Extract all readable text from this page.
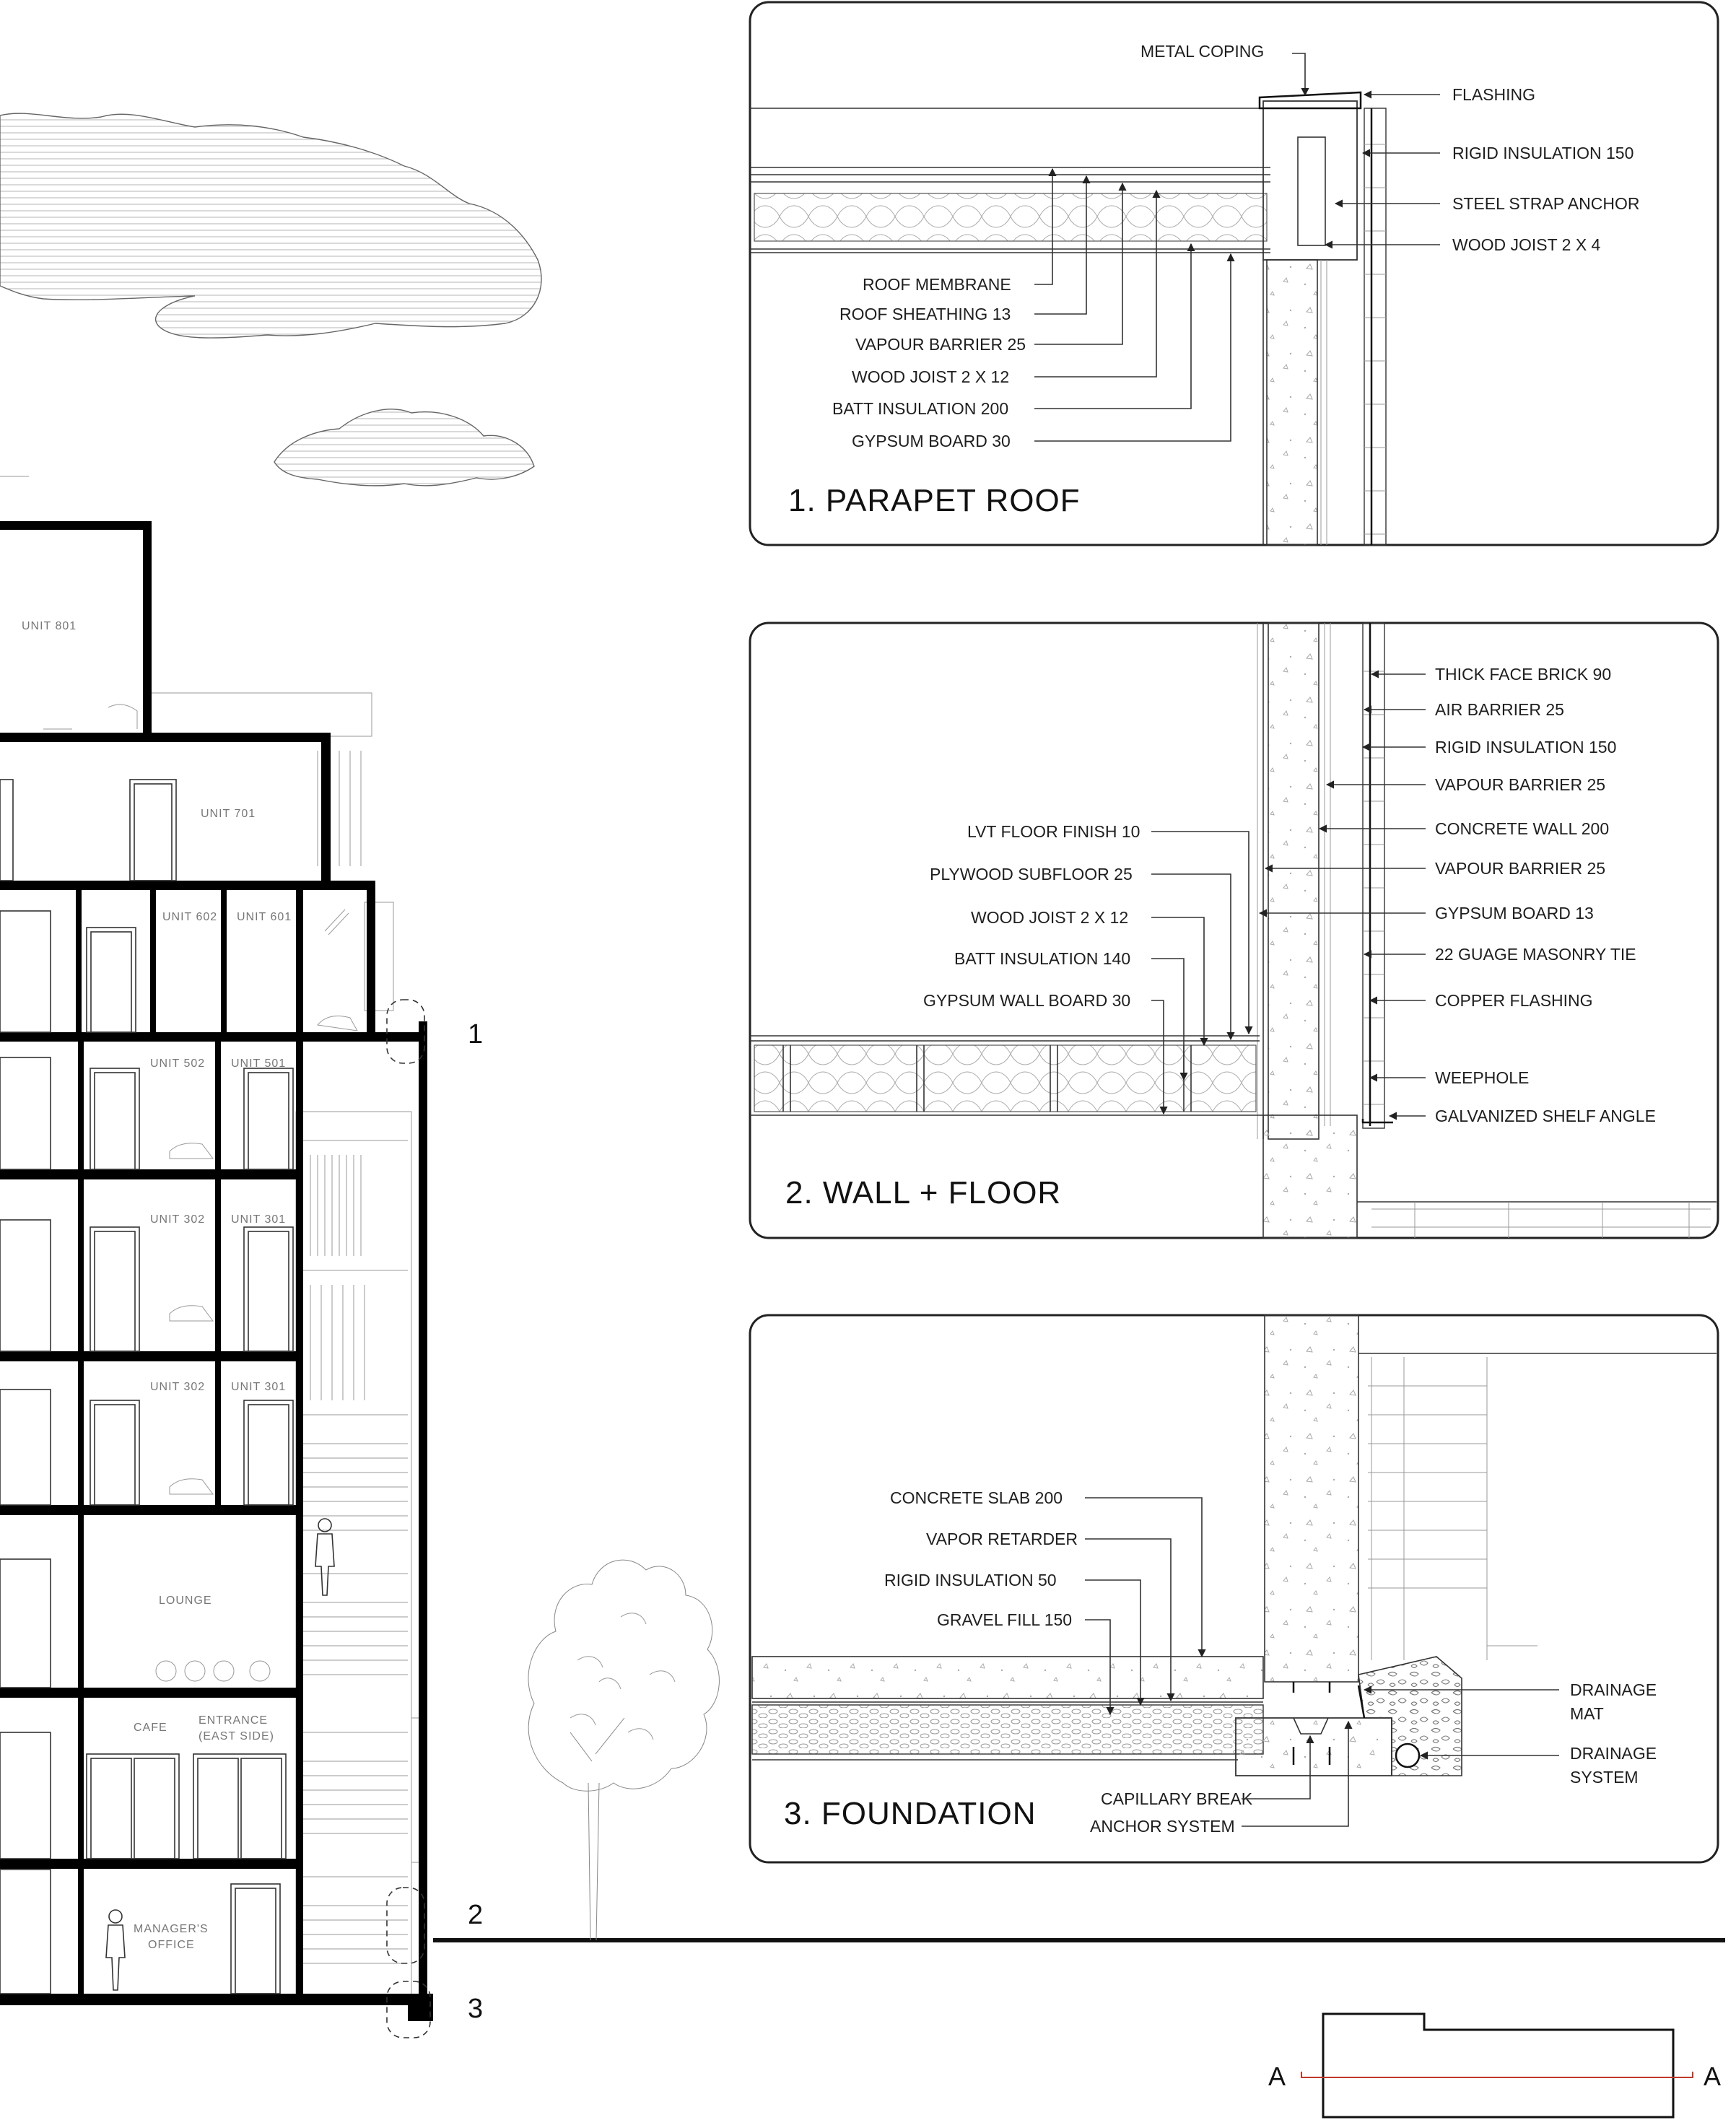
UNIT 801
UNIT 701
UNIT 602 UNIT 601
UNIT 502 UNIT 501
UNIT 302 UNIT 301
UNIT 302 UNIT 301
LOUNGE
CAFE
ENTRANCE
(EAST SIDE)
MANAGER'S
OFFICE
1
2
3
1. PARAPET ROOF
METAL COPING
FLASHING
RIGID INSULATION 150
STEEL STRAP ANCHOR
WOOD JOIST 2 X 4
ROOF MEMBRANE
ROOF SHEATHING 13
VAPOUR BARRIER 25
WOOD JOIST 2 X 12
BATT INSULATION 200
GYPSUM BOARD 30
2. WALL + FLOOR
THICK FACE BRICK 90
AIR BARRIER 25
RIGID INSULATION 150
VAPOUR BARRIER 25
CONCRETE WALL 200
VAPOUR BARRIER 25
GYPSUM BOARD 13
22 GUAGE MASONRY TIE
COPPER FLASHING
WEEPHOLE
GALVANIZED SHELF ANGLE
LVT FLOOR FINISH 10
PLYWOOD SUBFLOOR 25
WOOD JOIST 2 X 12
BATT INSULATION 140
GYPSUM WALL BOARD 30
3. FOUNDATION
CONCRETE SLAB 200
VAPOR RETARDER
RIGID INSULATION 50
GRAVEL FILL 150
CAPILLARY BREAK
ANCHOR SYSTEM
DRAINAGE
MAT
DRAINAGE
SYSTEM
A	A
